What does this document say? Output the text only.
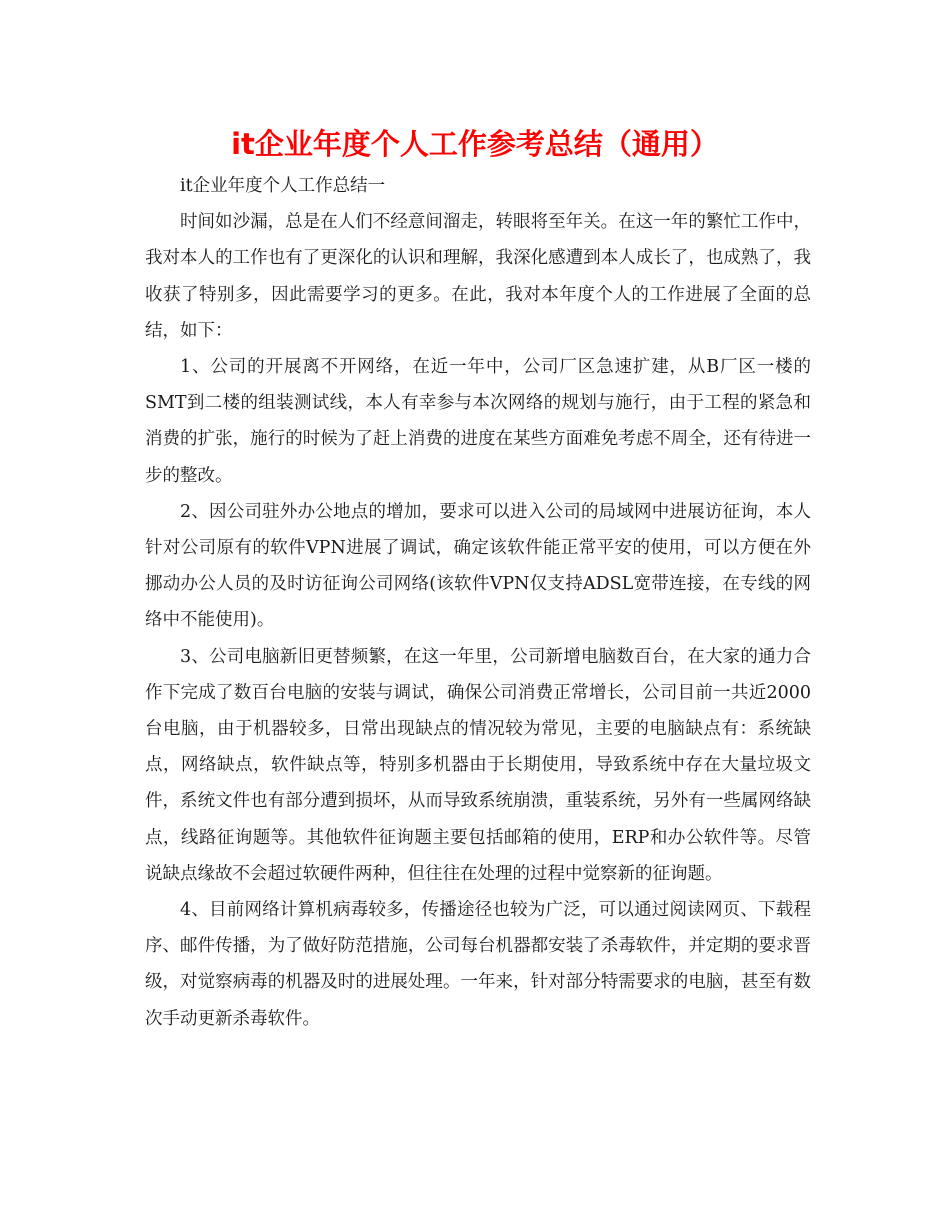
it企业年度个人工作参考总结（通用）

it企业年度个人工作总结一

时间如沙漏，总是在人们不经意间溜走，转眼将至年关。在这一年的繁忙工作中，我对本人的工作也有了更深化的认识和理解，我深化感遭到本人成长了，也成熟了，我收获了特别多，因此需要学习的更多。在此，我对本年度个人的工作进展了全面的总结，如下：

1、公司的开展离不开网络，在近一年中，公司厂区急速扩建，从B厂区一楼的SMT到二楼的组装测试线，本人有幸参与本次网络的规划与施行，由于工程的紧急和消费的扩张，施行的时候为了赶上消费的进度在某些方面难免考虑不周全，还有待进一步的整改。

2、因公司驻外办公地点的增加，要求可以进入公司的局域网中进展访征询，本人针对公司原有的软件VPN进展了调试，确定该软件能正常平安的使用，可以方便在外挪动办公人员的及时访征询公司网络(该软件VPN仅支持ADSL宽带连接，在专线的网络中不能使用)。

3、公司电脑新旧更替频繁，在这一年里，公司新增电脑数百台，在大家的通力合作下完成了数百台电脑的安装与调试，确保公司消费正常增长，公司目前一共近2000台电脑，由于机器较多，日常出现缺点的情况较为常见，主要的电脑缺点有：系统缺点，网络缺点，软件缺点等，特别多机器由于长期使用，导致系统中存在大量垃圾文件，系统文件也有部分遭到损坏，从而导致系统崩溃，重装系统，另外有一些属网络缺点，线路征询题等。其他软件征询题主要包括邮箱的使用，ERP和办公软件等。尽管说缺点缘故不会超过软硬件两种，但往往在处理的过程中觉察新的征询题。

4、目前网络计算机病毒较多，传播途径也较为广泛，可以通过阅读网页、下载程序、邮件传播，为了做好防范措施，公司每台机器都安装了杀毒软件，并定期的要求晋级，对觉察病毒的机器及时的进展处理。一年来，针对部分特需要求的电脑，甚至有数次手动更新杀毒软件。
